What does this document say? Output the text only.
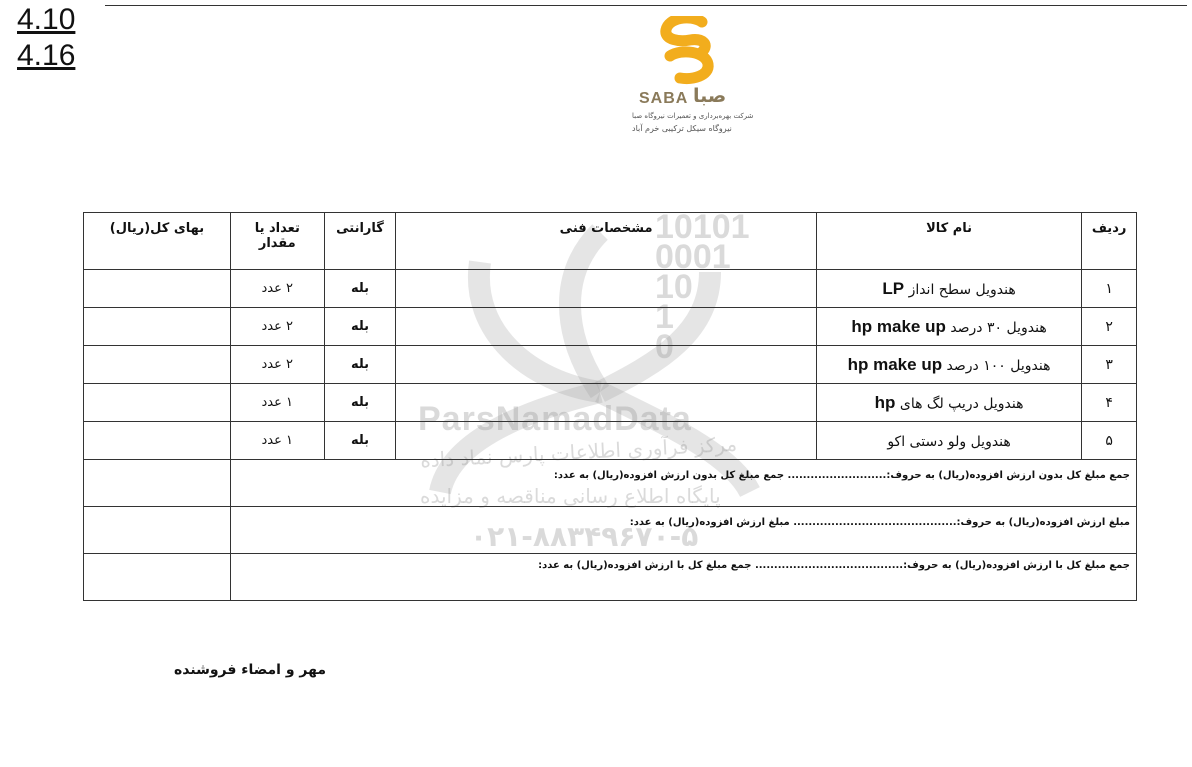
4.10
4.16
SABA صبا
شرکت بهره‌برداری و تعمیرات نیروگاه صبا
نیروگاه سیکل ترکیبی خرم آباد
10101
0001
10
1
0
ParsNamadData
مرکز فرآوری اطلاعات پارس نماد داده
پایگاه اطلاع رسانی مناقصه و مزایده
۰۲۱-۸۸۳۴۹۶۷۰-۵
ردیف	نام کالا	مشخصات فنی	گارانتی	تعداد یا مقدار	بهای کل(ریال)
۱	هندویل سطح انداز LP		بله	۲ عدد	
۲	هندویل ۳۰ درصد hp make up		بله	۲ عدد	
۳	هندویل ۱۰۰ درصد hp make up		بله	۲ عدد	
۴	هندویل دریپ لگ های hp		بله	۱ عدد	
۵	هندویل ولو دستی اکو		بله	۱ عدد	
جمع مبلغ کل بدون ارزش افزوده(ریال) به حروف:.......................... جمع مبلغ کل بدون ارزش افزوده(ریال) به عدد:					
مبلغ ارزش افزوده(ریال) به حروف:........................................... مبلغ ارزش افزوده(ریال) به عدد:					
جمع مبلغ کل با ارزش افزوده(ریال) به حروف:....................................... جمع مبلغ کل با ارزش افزوده(ریال) به عدد:					
مهر و امضاء فروشنده
